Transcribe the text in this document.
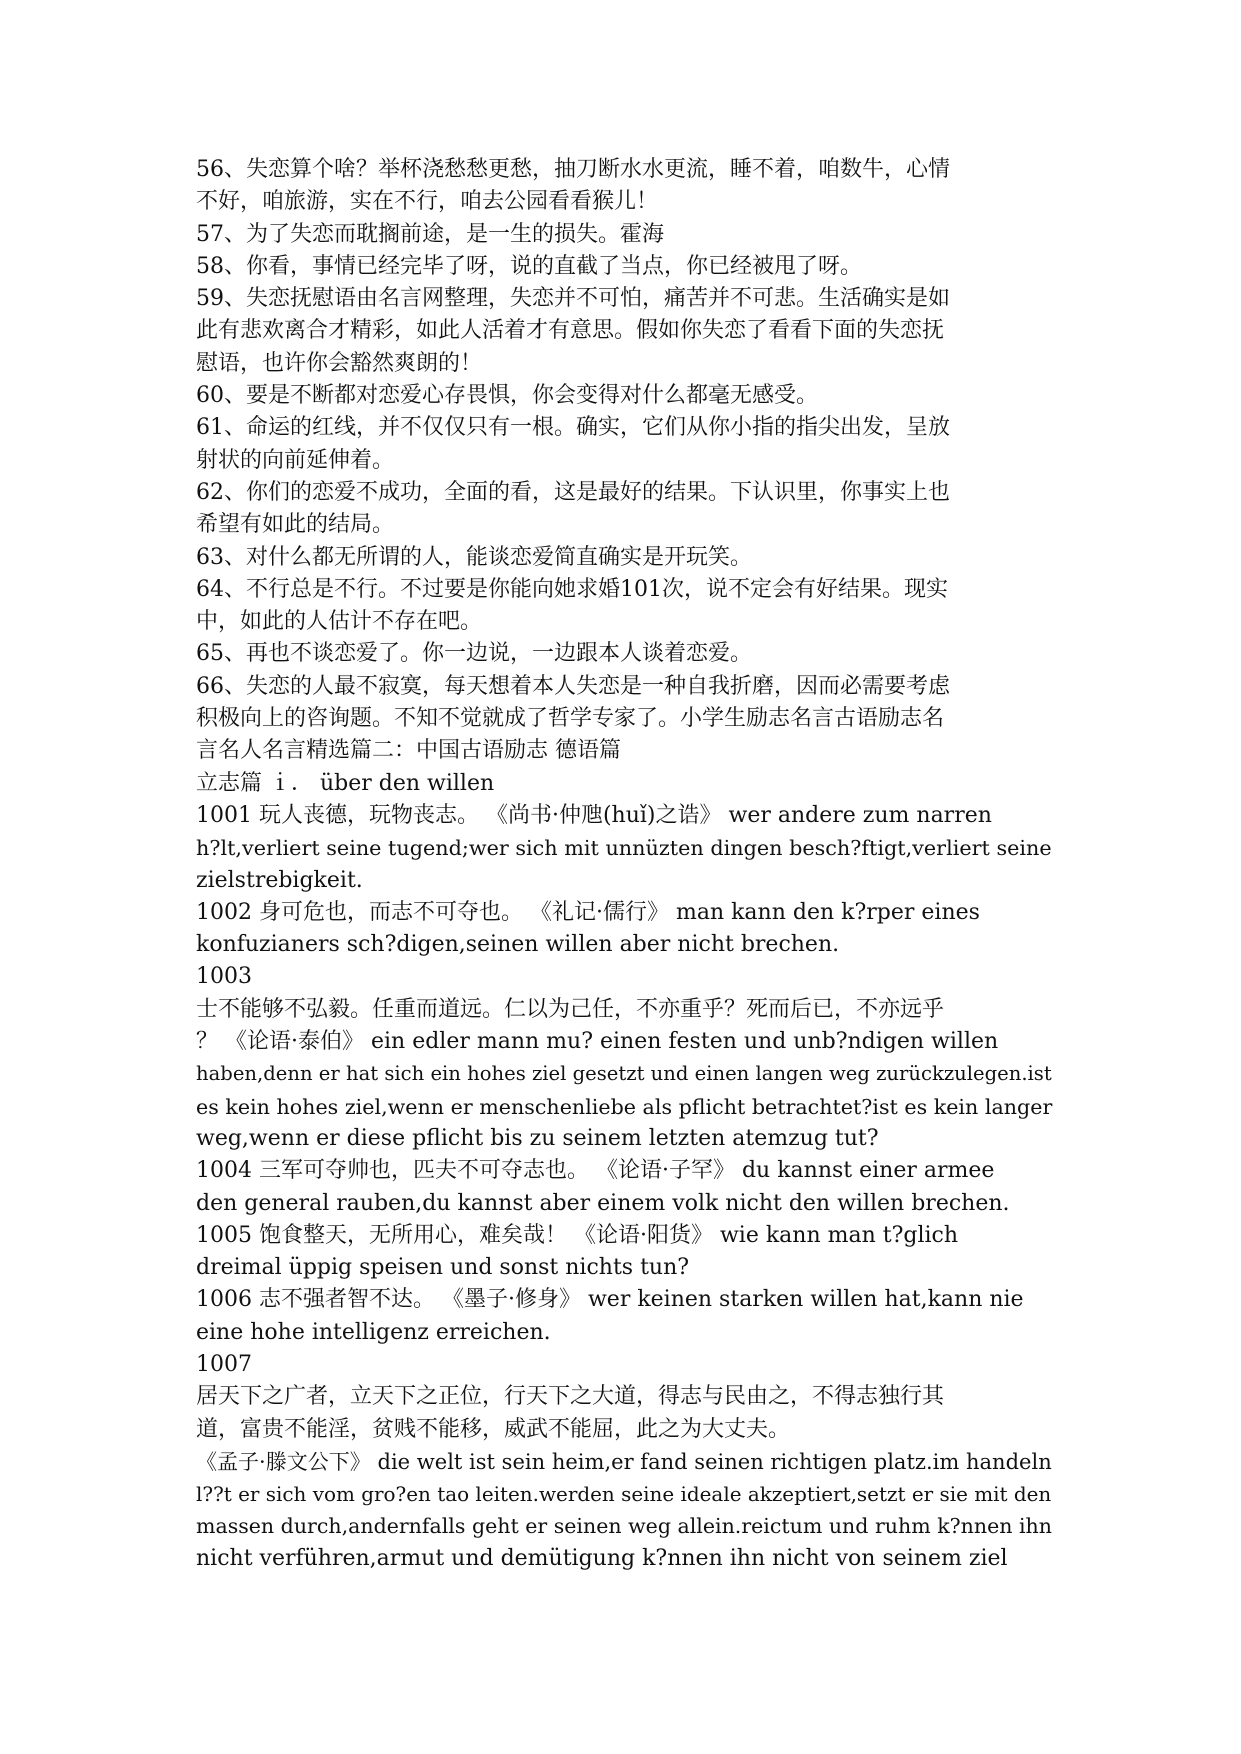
56、失恋算个啥？举杯浇愁愁更愁，抽刀断水水更流，睡不着，咱数牛，心情
不好，咱旅游，实在不行，咱去公园看看猴儿！
57、为了失恋而耽搁前途，是一生的损失。霍海
58、你看，事情已经完毕了呀，说的直截了当点，你已经被甩了呀。
59、失恋抚慰语由名言网整理，失恋并不可怕，痛苦并不可悲。生活确实是如
此有悲欢离合才精彩，如此人活着才有意思。假如你失恋了看看下面的失恋抚
慰语，也许你会豁然爽朗的！
60、要是不断都对恋爱心存畏惧，你会变得对什么都毫无感受。
61、命运的红线，并不仅仅只有一根。确实，它们从你小指的指尖出发，呈放
射状的向前延伸着。
62、你们的恋爱不成功，全面的看，这是最好的结果。下认识里，你事实上也
希望有如此的结局。
63、对什么都无所谓的人，能谈恋爱简直确实是开玩笑。
64、不行总是不行。不过要是你能向她求婚101次，说不定会有好结果。现实
中，如此的人估计不存在吧。
65、再也不谈恋爱了。你一边说，一边跟本人谈着恋爱。
66、失恋的人最不寂寞，每天想着本人失恋是一种自我折磨，因而必需要考虑
积极向上的咨询题。不知不觉就成了哲学专家了。小学生励志名言古语励志名
言名人名言精选篇二：中国古语励志 德语篇
立志篇 ｉ． über den willen
1001 玩人丧德，玩物丧志。 《尚书·仲虺(huǐ)之诰》 wer andere zum narren
h?lt,verliert seine tugend;wer sich mit unnüzten dingen besch?ftigt,verliert seine
zielstrebigkeit.
1002 身可危也，而志不可夺也。 《礼记·儒行》 man kann den k?rper eines
konfuzianers sch?digen,seinen willen aber nicht brechen.
1003
士不能够不弘毅。任重而道远。仁以为己任，不亦重乎？死而后已，不亦远乎
？ 《论语·泰伯》 ein edler mann mu? einen festen und unb?ndigen willen
haben,denn er hat sich ein hohes ziel gesetzt und einen langen weg zurückzulegen.ist
es kein hohes ziel,wenn er menschenliebe als pflicht betrachtet?ist es kein langer
weg,wenn er diese pflicht bis zu seinem letzten atemzug tut?
1004 三军可夺帅也，匹夫不可夺志也。 《论语·子罕》 du kannst einer armee
den general rauben,du kannst aber einem volk nicht den willen brechen.
1005 饱食整天，无所用心，难矣哉！ 《论语·阳货》 wie kann man t?glich
dreimal üppig speisen und sonst nichts tun?
1006 志不强者智不达。 《墨子·修身》 wer keinen starken willen hat,kann nie
eine hohe intelligenz erreichen.
1007
居天下之广者，立天下之正位，行天下之大道，得志与民由之，不得志独行其
道，富贵不能淫，贫贱不能移，威武不能屈，此之为大丈夫。
《孟子·滕文公下》 die welt ist sein heim,er fand seinen richtigen platz.im handeln
l??t er sich vom gro?en tao leiten.werden seine ideale akzeptiert,setzt er sie mit den
massen durch,andernfalls geht er seinen weg allein.reictum und ruhm k?nnen ihn
nicht verführen,armut und demütigung k?nnen ihn nicht von seinem ziel
